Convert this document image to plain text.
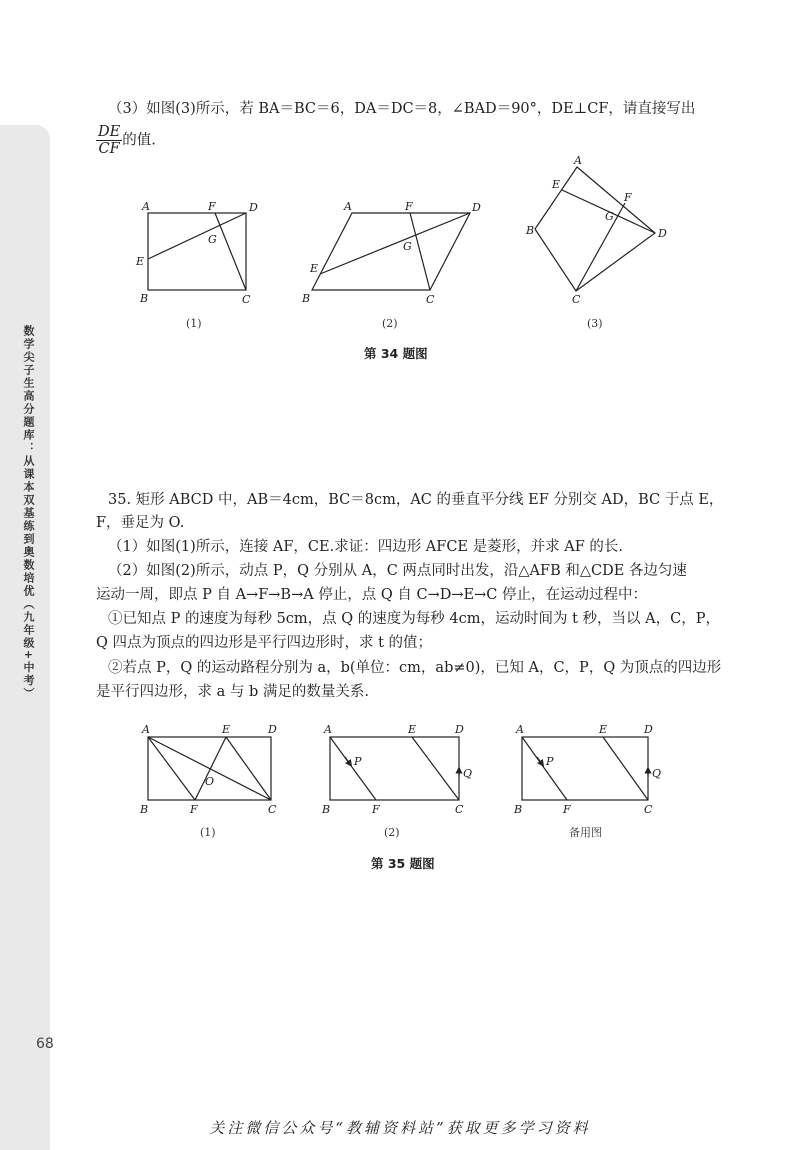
数学尖子生高分题库：从课本双基练到奥数培优（九年级+中考）
（3）如图(3)所示，若 BA＝BC＝6，DA＝DC＝8，∠BAD＝90°，DE⊥CF，请直接写出
$\frac{DE}{CF}$ 的值.
A	F	D
G
E
B	C
A	F	D
G
E
B	C
A
E
F
G
D
B
C
(1)	(2)	(3)
第 34 题图
35. 矩形 ABCD 中，AB＝4cm，BC＝8cm，AC 的垂直平分线 EF 分别交 AD，BC 于点 E，
F，垂足为 O.
（1）如图(1)所示，连接 AF，CE.求证：四边形 AFCE 是菱形，并求 AF 的长.
（2）如图(2)所示，动点 P，Q 分别从 A，C 两点同时出发，沿△AFB 和△CDE 各边匀速
运动一周，即点 P 自 A→F→B→A 停止，点 Q 自 C→D→E→C 停止，在运动过程中：
①已知点 P 的速度为每秒 5cm，点 Q 的速度为每秒 4cm，运动时间为 t 秒，当以 A，C，P，
Q 四点为顶点的四边形是平行四边形时，求 t 的值；
②若点 P，Q 的运动路程分别为 a，b(单位：cm，ab≠0)，已知 A，C，P，Q 为顶点的四边形
是平行四边形，求 a 与 b 满足的数量关系.
A	E	D
O
B	F	C
A	E	D
P
Q
B	F	C
A	E	D
P
Q
B	F	C
(1)	(2)	备用图
第 35 题图
68
关注微信公众号“教辅资料站”获取更多学习资料
